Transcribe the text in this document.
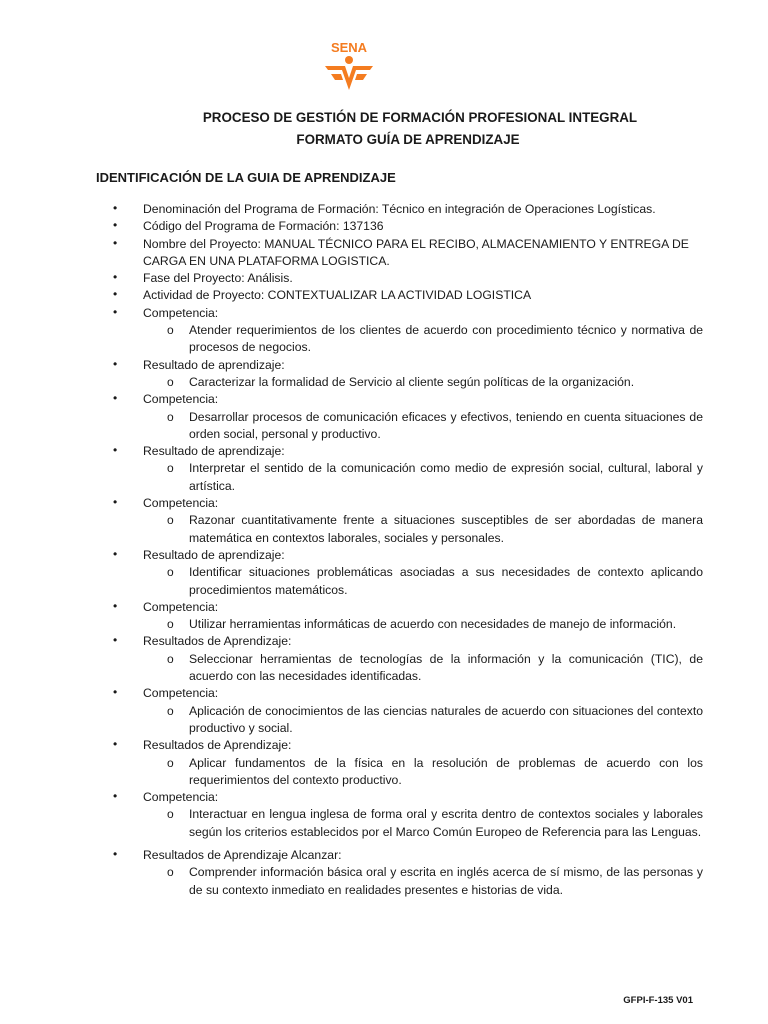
SENA
PROCESO DE GESTIÓN DE FORMACIÓN PROFESIONAL INTEGRAL
FORMATO GUÍA DE APRENDIZAJE
IDENTIFICACIÓN DE LA GUIA DE APRENDIZAJE
• Denominación del Programa de Formación: Técnico en integración de Operaciones Logísticas.
• Código del Programa de Formación: 137136
• Nombre del Proyecto: MANUAL TÉCNICO PARA EL RECIBO, ALMACENAMIENTO Y ENTREGA DE CARGA EN UNA PLATAFORMA LOGISTICA.
• Fase del Proyecto: Análisis.
• Actividad de Proyecto: CONTEXTUALIZAR LA ACTIVIDAD LOGISTICA
• Competencia:
o Atender requerimientos de los clientes de acuerdo con procedimiento técnico y normativa de procesos de negocios.
• Resultado de aprendizaje:
o Caracterizar la formalidad de Servicio al cliente según políticas de la organización.
• Competencia:
o Desarrollar procesos de comunicación eficaces y efectivos, teniendo en cuenta situaciones de orden social, personal y productivo.
• Resultado de aprendizaje:
o Interpretar el sentido de la comunicación como medio de expresión social, cultural, laboral y artística.
• Competencia:
o Razonar cuantitativamente frente a situaciones susceptibles de ser abordadas de manera matemática en contextos laborales, sociales y personales.
• Resultado de aprendizaje:
o Identificar situaciones problemáticas asociadas a sus necesidades de contexto aplicando procedimientos matemáticos.
• Competencia:
o Utilizar herramientas informáticas de acuerdo con necesidades de manejo de información.
• Resultados de Aprendizaje:
o Seleccionar herramientas de tecnologías de la información y la comunicación (TIC), de acuerdo con las necesidades identificadas.
• Competencia:
o Aplicación de conocimientos de las ciencias naturales de acuerdo con situaciones del contexto productivo y social.
• Resultados de Aprendizaje:
o Aplicar fundamentos de la física en la resolución de problemas de acuerdo con los requerimientos del contexto productivo.
• Competencia:
o Interactuar en lengua inglesa de forma oral y escrita dentro de contextos sociales y laborales según los criterios establecidos por el Marco Común Europeo de Referencia para las Lenguas.
• Resultados de Aprendizaje Alcanzar:
o Comprender información básica oral y escrita en inglés acerca de sí mismo, de las personas y de su contexto inmediato en realidades presentes e historias de vida.
GFPI-F-135 V01
